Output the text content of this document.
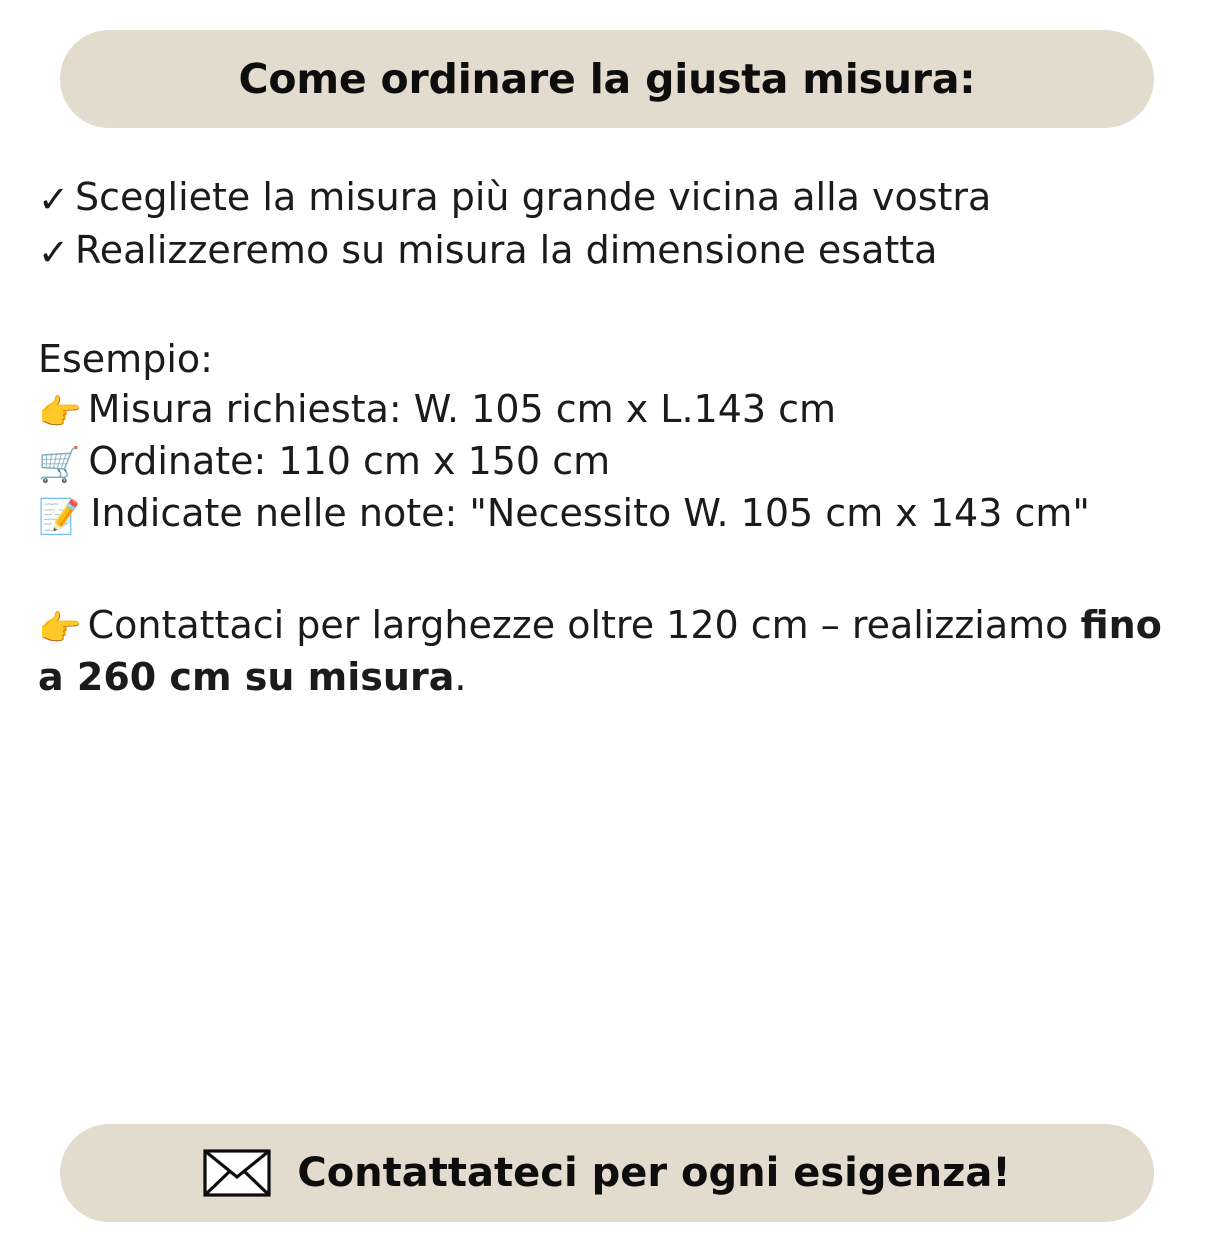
Come ordinare la giusta misura:
✓ Scegliete la misura più grande vicina alla vostra
✓ Realizzeremo su misura la dimensione esatta
Esempio:
👉 Misura richiesta: W. 105 cm x L.143 cm
🛒 Ordinate: 110 cm x 150 cm
📝 Indicate nelle note: "Necessito W. 105 cm x 143 cm"
👉 Contattaci per larghezze oltre 120 cm – realizziamo fino a 260 cm su misura.
Contattateci per ogni esigenza!
